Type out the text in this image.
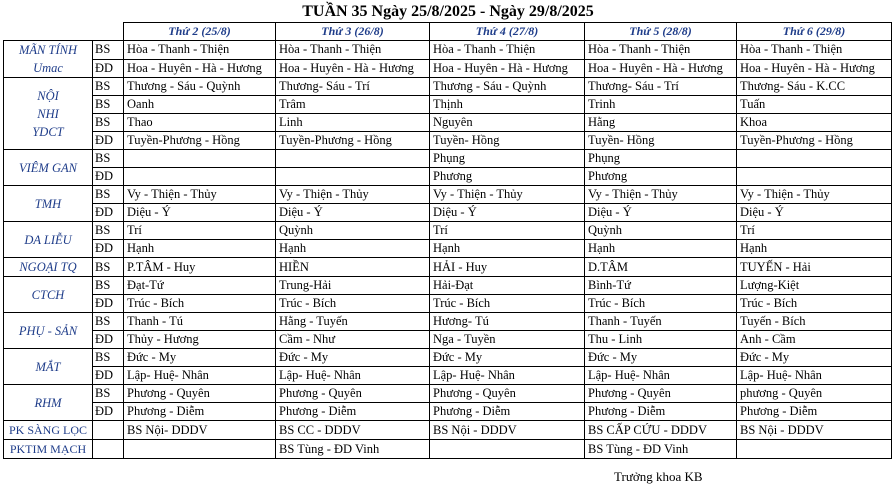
TUẦN 35 Ngày 25/8/2025 - Ngày 29/8/2025
		Thứ 2 (25/8)	Thứ 3 (26/8)	Thứ 4 (27/8)	Thứ 5 (28/8)	Thứ 6 (29/8)

MÃN TÍNH
Umac	BS	Hòa - Thanh - Thiện	Hòa - Thanh - Thiện	Hòa - Thanh - Thiện	Hòa - Thanh - Thiện	Hòa - Thanh - Thiện
	ĐD	Hoa - Huyên - Hà - Hương	Hoa - Huyên - Hà - Hương	Hoa - Huyên - Hà - Hương	Hoa - Huyên - Hà - Hương	Hoa - Huyên - Hà - Hương

NỘI
NHI
YDCT	BS	Thương - Sáu - Quỳnh	Thương- Sáu - Trí	Thương - Sáu - Quỳnh	Thương- Sáu - Trí	Thương- Sáu - K.CC
	BS	Oanh	Trâm	Thịnh	Trinh	Tuấn
	BS	Thao	Linh	Nguyên	Hằng	Khoa
	ĐD	Tuyền-Phương - Hồng	Tuyền-Phương - Hồng	Tuyền- Hồng	Tuyền- Hồng	Tuyền-Phương - Hồng

VIÊM GAN	BS			Phụng	Phụng	
	ĐD			Phương	Phương	

TMH	BS	Vy - Thiện - Thủy	Vy - Thiện - Thủy	Vy - Thiện - Thủy	Vy - Thiện - Thủy	Vy - Thiện - Thủy
	ĐD	Diệu - Ý	Diệu - Ý	Diệu - Ý	Diệu - Ý	Diệu - Ý

DA LIỄU	BS	Trí	Quỳnh	Trí	Quỳnh	Trí
	ĐD	Hạnh	Hạnh	Hạnh	Hạnh	Hạnh

NGOẠI TQ	BS	P.TÂM - Huy	HIỀN	HẢI - Huy	D.TÂM	TUYẾN - Hải

CTCH	BS	Đạt-Tứ	Trung-Hải	Hải-Đạt	Bình-Tứ	Lượng-Kiệt
	ĐD	Trúc - Bích	Trúc - Bích	Trúc - Bích	Trúc - Bích	Trúc - Bích

PHỤ - SẢN	BS	Thanh - Tú	Hằng - Tuyến	Hương- Tú	Thanh - Tuyến	Tuyến - Bích
	ĐD	Thủy - Hương	Cầm - Như	Nga - Tuyền	Thu - Linh	Anh - Cầm

MẮT	BS	Đức - My	Đức - My	Đức - My	Đức - My	Đức - My
	ĐD	Lập- Huệ- Nhân	Lập- Huệ- Nhân	Lập- Huệ- Nhân	Lập- Huệ- Nhân	Lập- Huệ- Nhân

RHM	BS	Phương - Quyên	Phương - Quyên	Phương - Quyên	Phương - Quyên	phương - Quyên
	ĐD	Phương - Diễm	Phương - Diễm	Phương - Diễm	Phương - Diễm	Phương - Diễm

PK SÀNG LỌC		BS Nội- DDDV	BS CC - DDDV	BS Nội - DDDV	BS CẤP CỨU - DDDV	BS Nội - DDDV

PKTIM MẠCH			BS Tùng - ĐD Vinh		BS Tùng - ĐD Vinh	
Trưởng khoa KB
